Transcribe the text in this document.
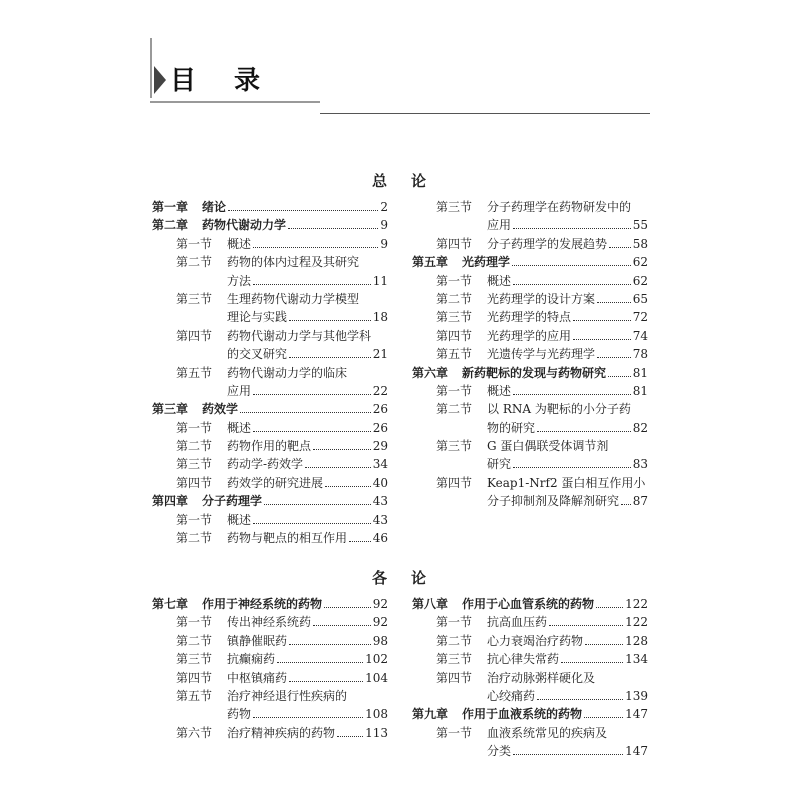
目录
总论
第一章 绪论	2
第二章 药物代谢动力学	9
第一节 概述	9
第二节 药物的体内过程及其研究
方法	11
第三节 生理药物代谢动力学模型
理论与实践	18
第四节 药物代谢动力学与其他学科
的交叉研究	21
第五节 药物代谢动力学的临床
应用	22
第三章 药效学	26
第一节 概述	26
第二节 药物作用的靶点	29
第三节 药动学-药效学	34
第四节 药效学的研究进展	40
第四章 分子药理学	43
第一节 概述	43
第二节 药物与靶点的相互作用 46
第三节 分子药理学在药物研发中的
应用	55
第四节 分子药理学的发展趋势 58
第五章 光药理学	62
第一节 概述	62
第二节 光药理学的设计方案	65
第三节 光药理学的特点	72
第四节 光药理学的应用	74
第五节 光遗传学与光药理学	78
第六章 新药靶标的发现与药物研究 81
第一节 概述	81
第二节 以 RNA 为靶标的小分子药
物的研究	82
第三节 G 蛋白偶联受体调节剂
研究	83
第四节 Keap1-Nrf2 蛋白相互作用小
分子抑制剂及降解剂研究 87
各论
第七章 作用于神经系统的药物	92
第一节 传出神经系统药	92
第二节 镇静催眠药	98
第三节 抗癫痫药	102
第四节 中枢镇痛药	104
第五节 治疗神经退行性疾病的
药物	108
第六节 治疗精神疾病的药物	113
第八章 作用于心血管系统的药物	122
第一节 抗高血压药	122
第二节 心力衰竭治疗药物	128
第三节 抗心律失常药	134
第四节 治疗动脉粥样硬化及
心绞痛药	139
第九章 作用于血液系统的药物	147
第一节 血液系统常见的疾病及
分类	147
